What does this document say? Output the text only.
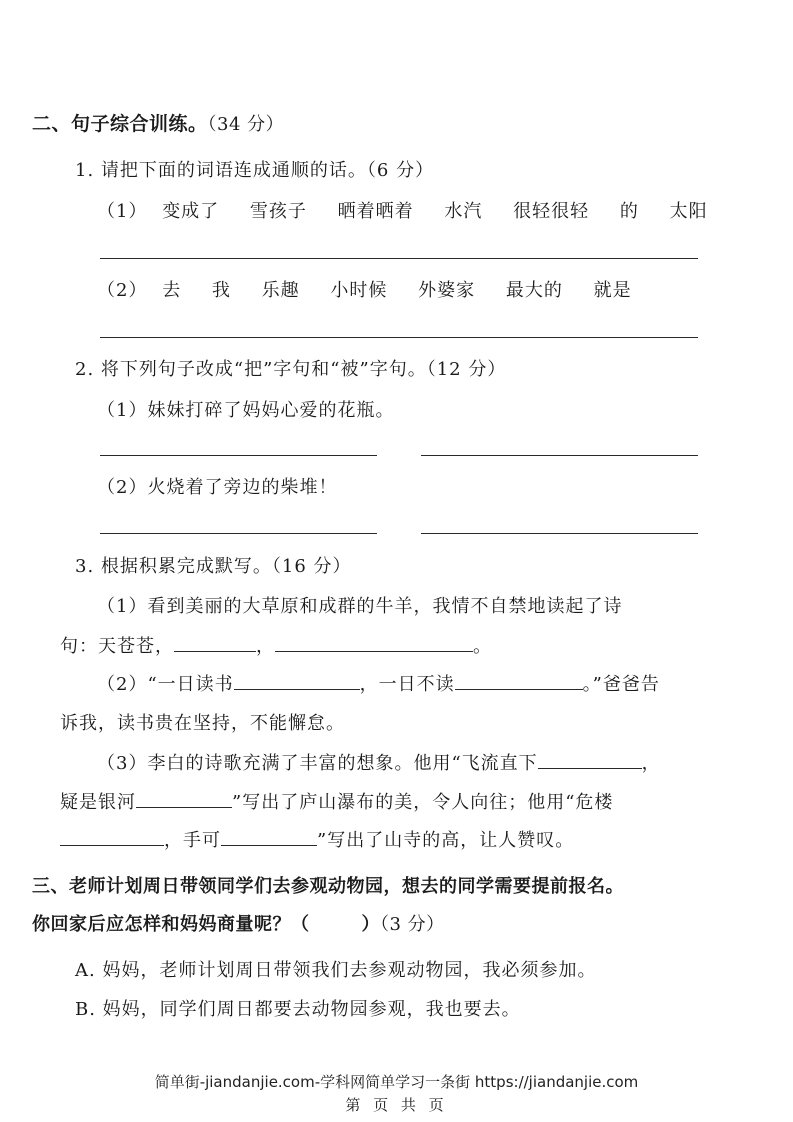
二、句子综合训练。（34 分）
1. 请把下面的词语连成通顺的话。（6 分）
（1） 变成了 雪孩子 晒着晒着 水汽 很轻很轻 的 太阳
（2） 去 我 乐趣 小时候 外婆家 最大的 就是
2. 将下列句子改成“把”字句和“被”字句。（12 分）
（1）妹妹打碎了妈妈心爱的花瓶。
（2）火烧着了旁边的柴堆！
3. 根据积累完成默写。（16 分）
（1）看到美丽的大草原和成群的牛羊，我情不自禁地读起了诗
句：天苍苍，	，	。
（2）“一日读书	，一日不读	。”爸爸告
诉我，读书贵在坚持，不能懈怠。
（3）李白的诗歌充满了丰富的想象。他用“飞流直下	，
疑是银河	”写出了庐山瀑布的美，令人向往；他用“危楼
，手可	”写出了山寺的高，让人赞叹。
三、老师计划周日带领同学们去参观动物园，想去的同学需要提前报名。
你回家后应怎样和妈妈商量呢？（	）（3 分）
A. 妈妈，老师计划周日带领我们去参观动物园，我必须参加。
B. 妈妈，同学们周日都要去动物园参观，我也要去。
简单街-jiandanjie.com-学科网简单学习一条街 https://jiandanjie.com
第 页 共 页
